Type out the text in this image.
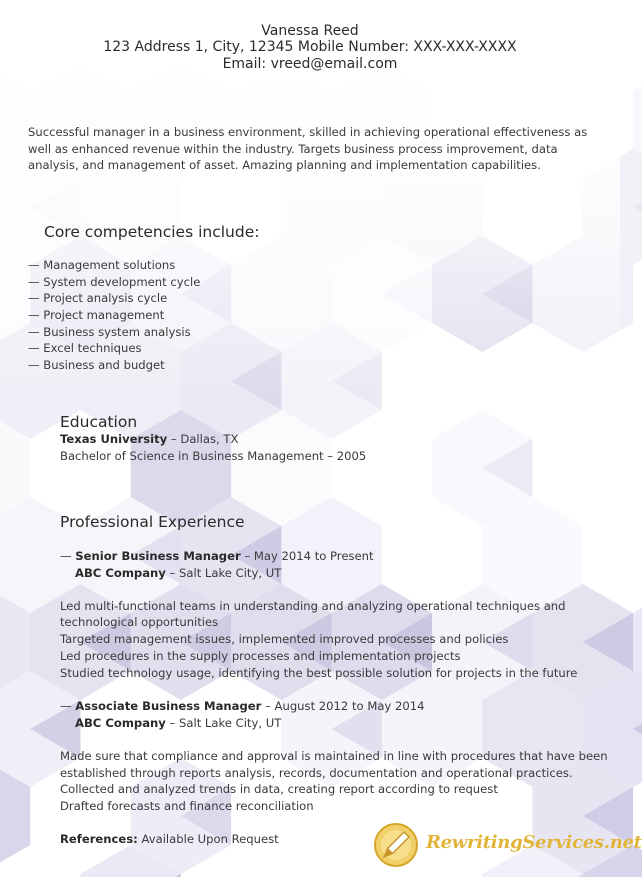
Vanessa Reed

123 Address 1, City, 12345 Mobile Number: XXX-XXX-XXXX

Email: vreed@email.com

Successful manager in a business environment, skilled in achieving operational effectiveness as well as enhanced revenue within the industry. Targets business process improvement, data analysis, and management of asset. Amazing planning and implementation capabilities.

Core competencies include:

— Management solutions

— System development cycle

— Project analysis cycle

— Project management

— Business system analysis

— Excel techniques

— Business and budget

Education

Texas University – Dallas, TX

Bachelor of Science in Business Management – 2005

Professional Experience

— Senior Business Manager – May 2014 to Present

ABC Company – Salt Lake City, UT

Led multi-functional teams in understanding and analyzing operational techniques and

technological opportunities

Targeted management issues, implemented improved processes and policies

Led procedures in the supply processes and implementation projects

Studied technology usage, identifying the best possible solution for projects in the future

— Associate Business Manager – August 2012 to May 2014

ABC Company – Salt Lake City, UT

Made sure that compliance and approval is maintained in line with procedures that have been

established through reports analysis, records, documentation and operational practices.

Collected and analyzed trends in data, creating report according to request

Drafted forecasts and finance reconciliation

References: Available Upon Request	RewritingServices.net
